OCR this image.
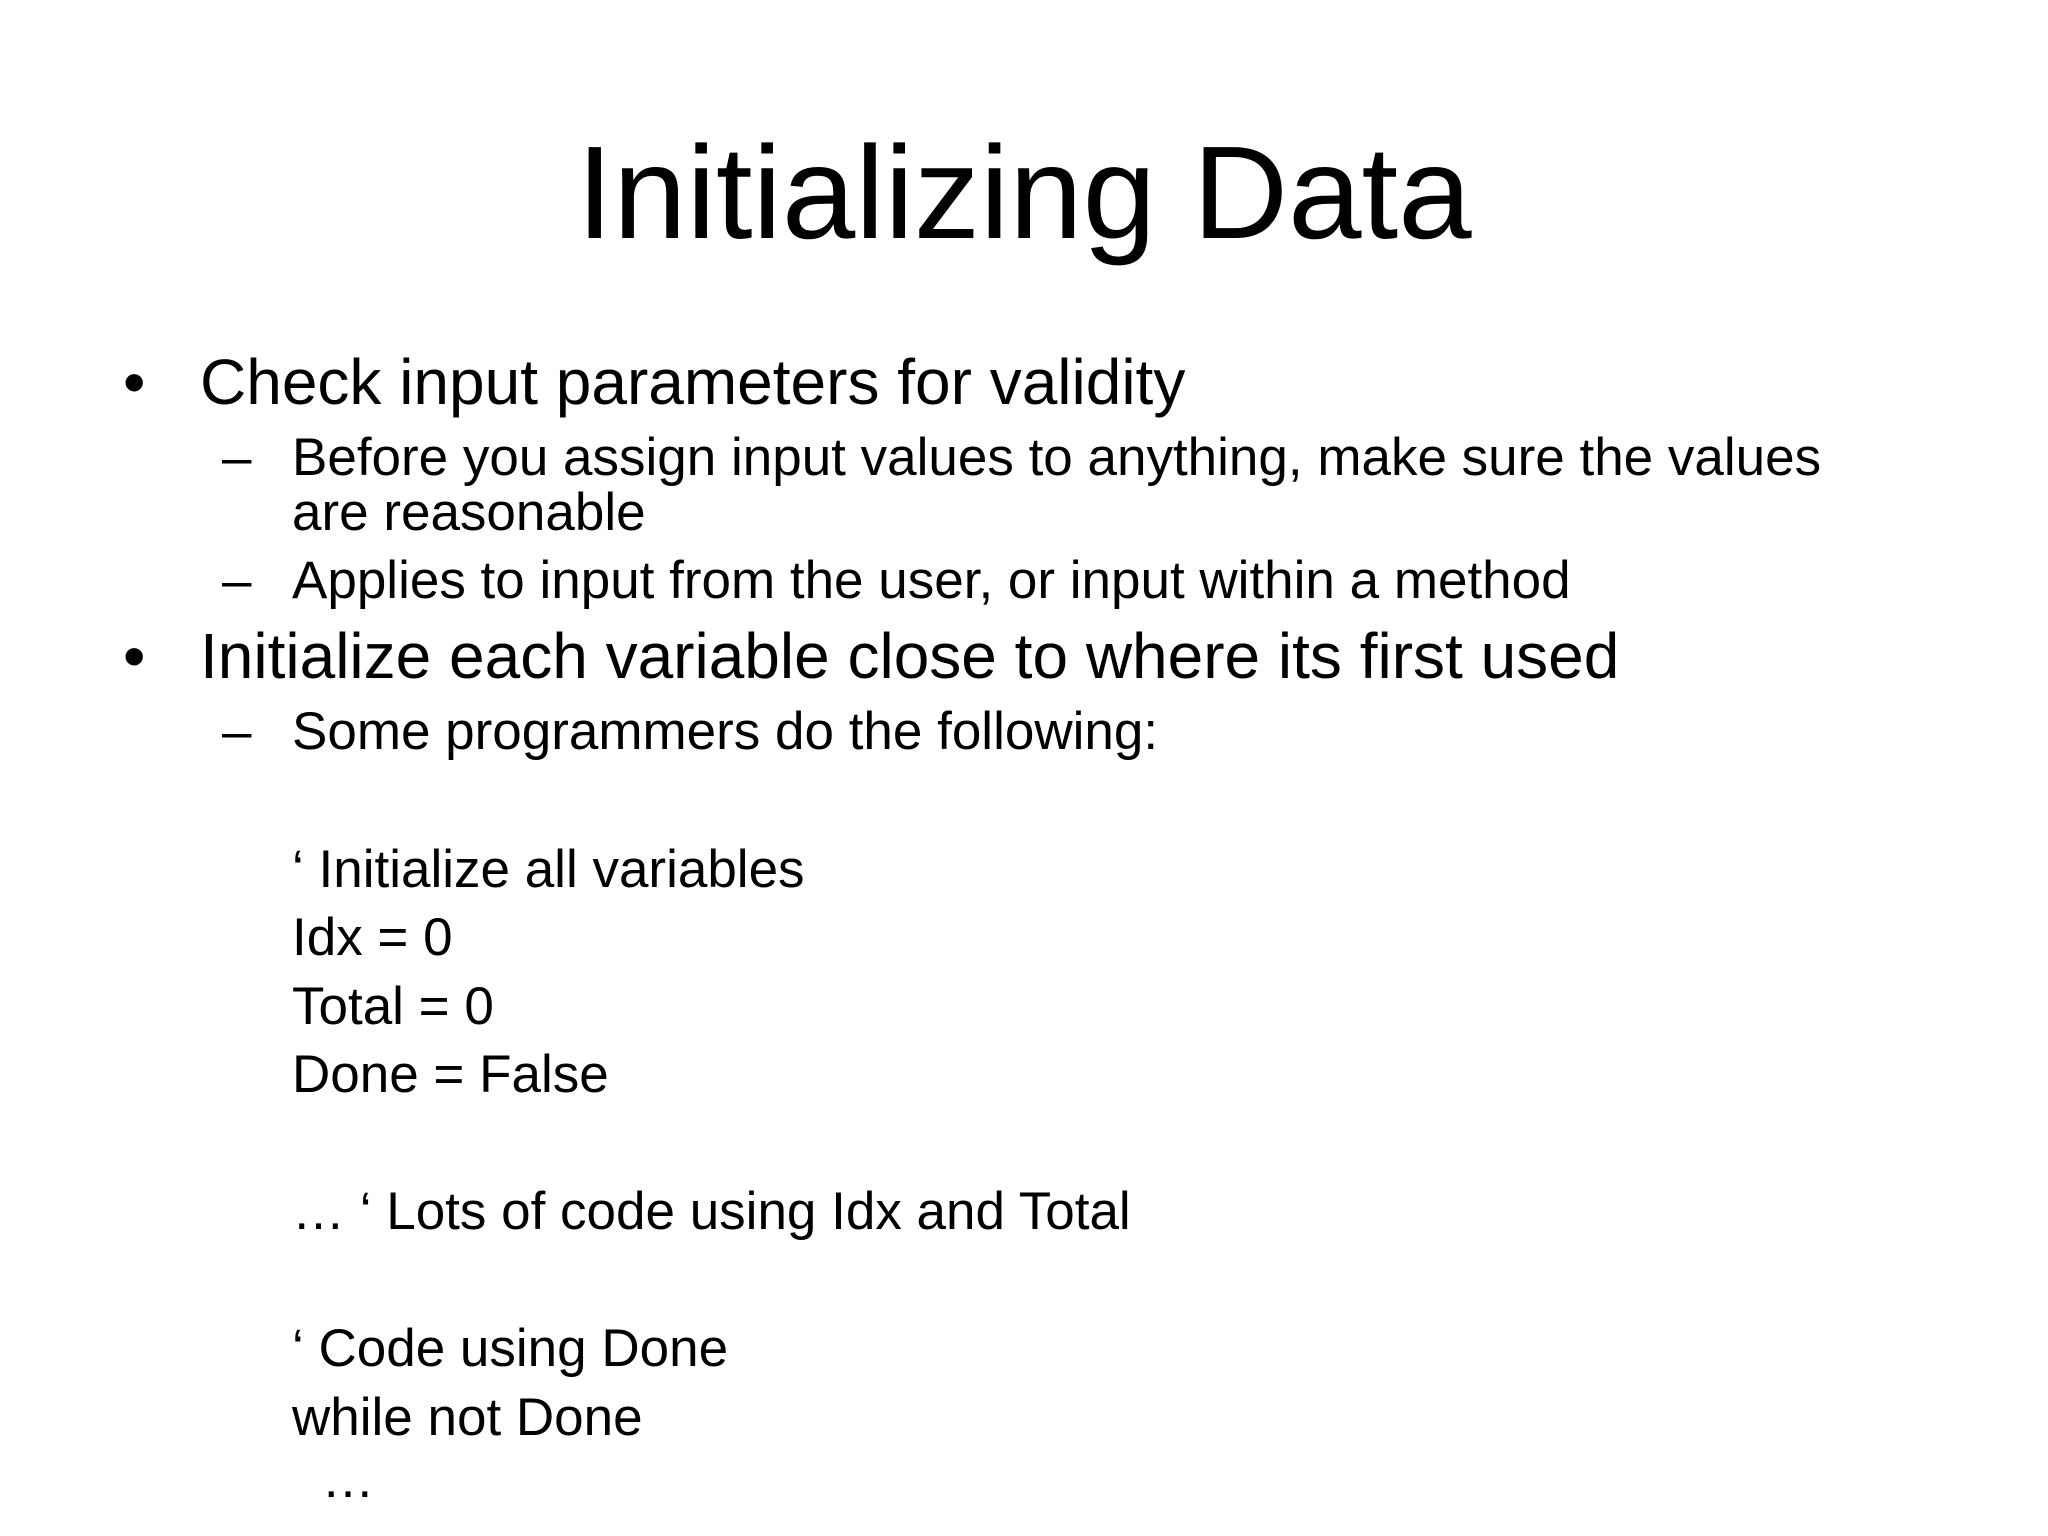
Initializing Data
• Check input parameters for validity
– Before you assign input values to anything, make sure the values
are reasonable
– Applies to input from the user, or input within a method
• Initialize each variable close to where its first used
– Some programmers do the following:
‘ Initialize all variables
Idx = 0
Total = 0
Done = False
… ‘ Lots of code using Idx and Total
‘ Code using Done
while not Done
…
